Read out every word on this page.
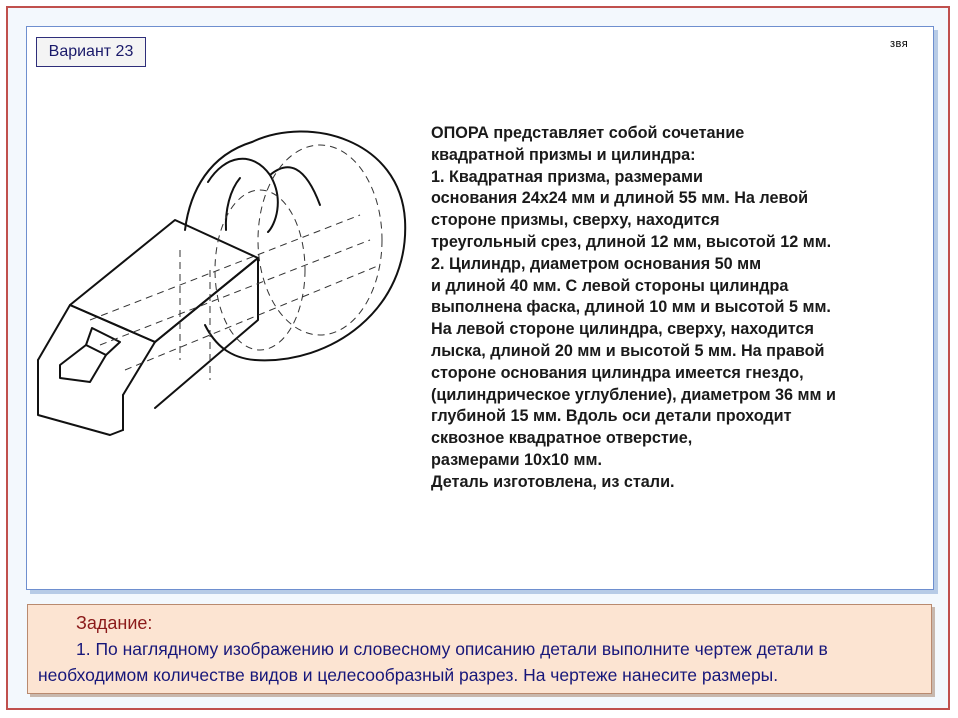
Вариант 23	звя
ОПОРА представляет собой сочетание
квадратной призмы и цилиндра:
1. Квадратная призма, размерами
основания 24х24 мм и длиной 55 мм. На левой
стороне призмы, сверху, находится
треугольный срез, длиной 12 мм, высотой 12 мм.
2. Цилиндр, диаметром основания 50 мм
и длиной 40 мм. С левой стороны цилиндра
выполнена фаска, длиной 10 мм и высотой 5 мм.
На левой стороне цилиндра, сверху, находится
лыска, длиной 20 мм и высотой 5 мм. На правой
стороне основания цилиндра имеется гнездо,
(цилиндрическое углубление), диаметром 36 мм и
глубиной 15 мм. Вдоль оси детали проходит
сквозное квадратное отверстие,
размерами 10х10 мм.
Деталь изготовлена, из стали.
Задание:
1. По наглядному изображению и словесному описанию детали выполните чертеж детали в
необходимом количестве видов и целесообразный разрез. На чертеже нанесите размеры.
